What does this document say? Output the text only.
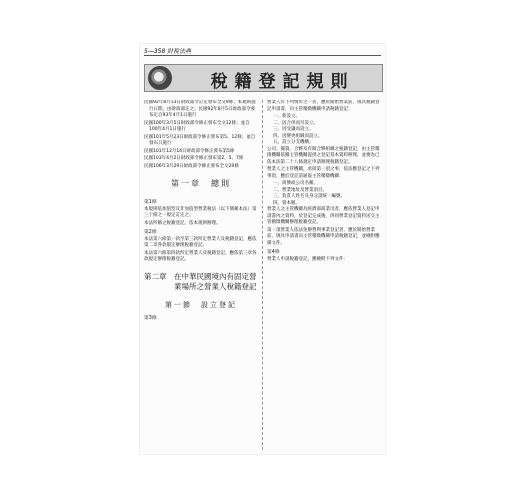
5—358 財稅法典
稅籍登記規則
民國92年8月13日財政部令訂定發布全文9條；本規則施行日期，由財政部定之；民國92年8月5日財政部令發布定自93年4月1日施行
民國100年3月5日財政部令修正發布全文12條；並自100年4月1日施行
民國101年5月23日財政部令修正發布第5、12條；並自發布日施行
民國101年12月14日財政部令修正發布第5條
民國103年4月2日財政部令修正發布第2、5、7條
民國106年3月29日財政部令修正發布全文20條
第一章　總則
第1條
本規則依加值型及非加值型營業稅法（以下簡稱本法）第三十條之一規定訂定之。
本法所稱之稅籍登記，依本規則辦理。
第2條
本法第六條第一款至第三款所定營業人及稅籍登記，應依第二章各款規定辦理稅籍登記。
本法第六條第四款所定營業人及稅籍登記，應依第三章各款規定辦理稅籍登記。
第二章	在中華民國境內有固定營業場所之營業人稅籍登記
第一節　設立登記
第3條
營業人有下列情形之一者，應於開始營業前，填具稅籍登記申請書，向主管稽徵機關申請稅籍登記：
一、新設立。
二、因合併而另設立。
三、因受讓而設立。
四、因變更組織而設立。
五、設立分支機構。
公司、獨資、合夥及有限合夥組織之稅籍登記，由主管稽徵機關依據主管機關提供之登記基本資料辦理，並視為已依本法第二十八條規定申請辦理稅籍登記。
營業人之主管機關，承接第一項之事，依法應登記之下列事項，應於登記前通報主管稽徵機關：
一、商號或公司名稱。
二、營業地址及營業項目。
三、負責人姓名及身分證統一編號。
四、資本額。
營業人之主管機關為經濟部商業司者，應依營業人登記申請書內之資料，於登記完成後，併同營業登記資料送交主管稽徵機關辦理稅籍登記。
第一項營業人依法免辦營利事業登記者，應於開始營業前，填具申請書向主管稽徵機關申請稅籍登記，並檢附應備文件。
第4條
營業人申請稅籍登記，應檢附下列文件：
